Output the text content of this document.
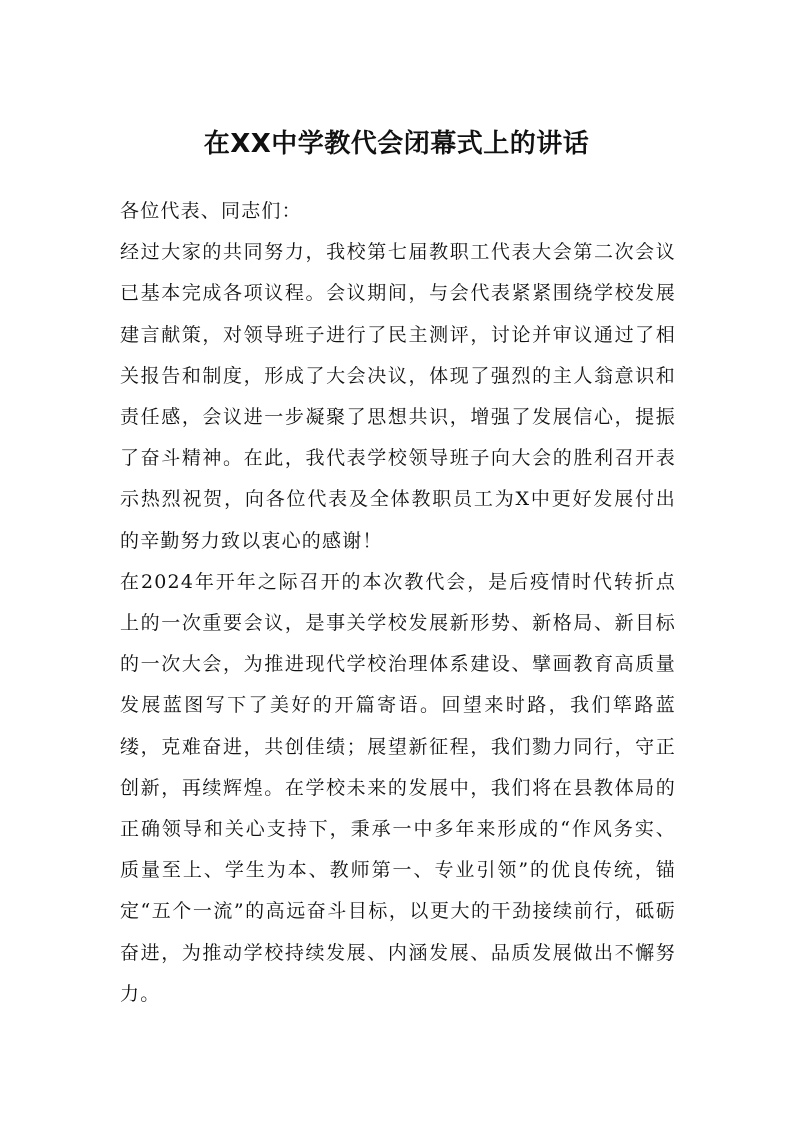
在XX中学教代会闭幕式上的讲话

各位代表、同志们：

经过大家的共同努力，我校第七届教职工代表大会第二次会议已基本完成各项议程。会议期间，与会代表紧紧围绕学校发展建言献策，对领导班子进行了民主测评，讨论并审议通过了相关报告和制度，形成了大会决议，体现了强烈的主人翁意识和责任感，会议进一步凝聚了思想共识，增强了发展信心，提振了奋斗精神。在此，我代表学校领导班子向大会的胜利召开表示热烈祝贺，向各位代表及全体教职员工为X中更好发展付出的辛勤努力致以衷心的感谢！

在2024年开年之际召开的本次教代会，是后疫情时代转折点上的一次重要会议，是事关学校发展新形势、新格局、新目标的一次大会，为推进现代学校治理体系建设、擘画教育高质量发展蓝图写下了美好的开篇寄语。回望来时路，我们筚路蓝缕，克难奋进，共创佳绩；展望新征程，我们勠力同行，守正创新，再续辉煌。在学校未来的发展中，我们将在县教体局的正确领导和关心支持下，秉承一中多年来形成的“作风务实、质量至上、学生为本、教师第一、专业引领”的优良传统，锚定“五个一流”的高远奋斗目标，以更大的干劲接续前行，砥砺奋进，为推动学校持续发展、内涵发展、品质发展做出不懈努力。
